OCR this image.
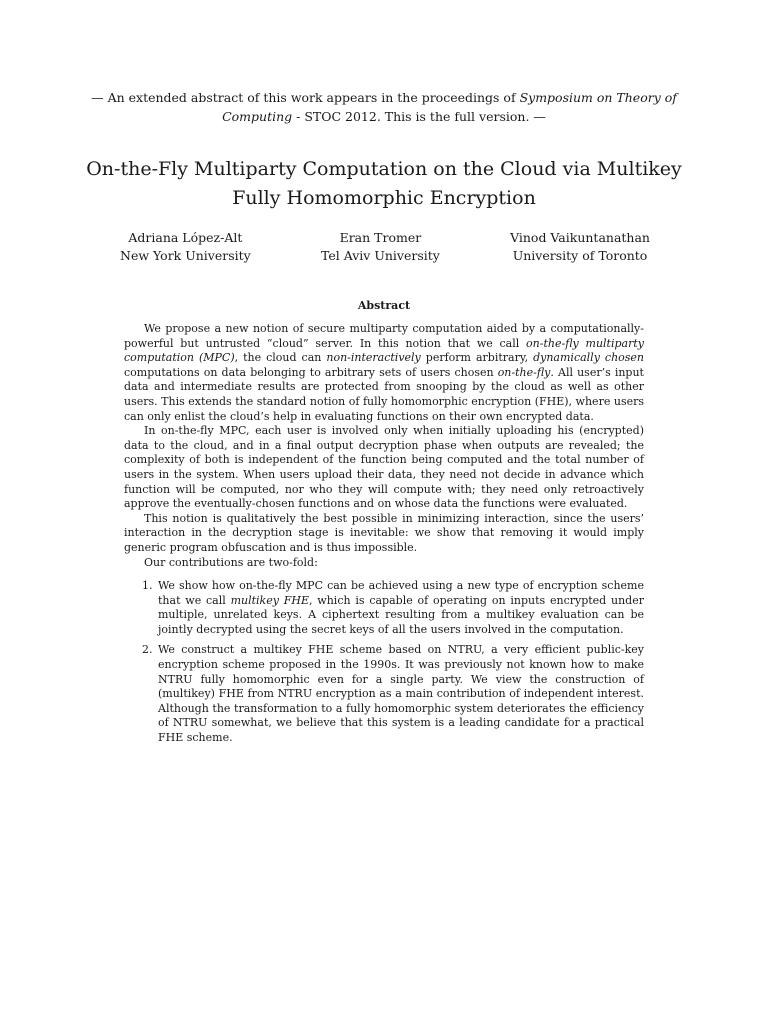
— An extended abstract of this work appears in the proceedings of Symposium on Theory of Computing - STOC 2012. This is the full version. —
On-the-Fly Multiparty Computation on the Cloud via Multikey Fully Homomorphic Encryption
Adriana López-Alt
New York University
Eran Tromer
Tel Aviv University
Vinod Vaikuntanathan
University of Toronto
Abstract

We propose a new notion of secure multiparty computation aided by a computationally-powerful but untrusted “cloud” server. In this notion that we call on-the-fly multiparty computation (MPC), the cloud can non-interactively perform arbitrary, dynamically chosen computations on data belonging to arbitrary sets of users chosen on-the-fly. All user’s input data and intermediate results are protected from snooping by the cloud as well as other users. This extends the standard notion of fully homomorphic encryption (FHE), where users can only enlist the cloud’s help in evaluating functions on their own encrypted data.

In on-the-fly MPC, each user is involved only when initially uploading his (encrypted) data to the cloud, and in a final output decryption phase when outputs are revealed; the complexity of both is independent of the function being computed and the total number of users in the system. When users upload their data, they need not decide in advance which function will be computed, nor who they will compute with; they need only retroactively approve the eventually-chosen functions and on whose data the functions were evaluated.

This notion is qualitatively the best possible in minimizing interaction, since the users’ interaction in the decryption stage is inevitable: we show that removing it would imply generic program obfuscation and is thus impossible.

Our contributions are two-fold:

1. We show how on-the-fly MPC can be achieved using a new type of encryption scheme that we call multikey FHE, which is capable of operating on inputs encrypted under multiple, unrelated keys. A ciphertext resulting from a multikey evaluation can be jointly decrypted using the secret keys of all the users involved in the computation.
2. We construct a multikey FHE scheme based on NTRU, a very efficient public-key encryption scheme proposed in the 1990s. It was previously not known how to make NTRU fully homomorphic even for a single party. We view the construction of (multikey) FHE from NTRU encryption as a main contribution of independent interest. Although the transformation to a fully homomorphic system deteriorates the efficiency of NTRU somewhat, we believe that this system is a leading candidate for a practical FHE scheme.
